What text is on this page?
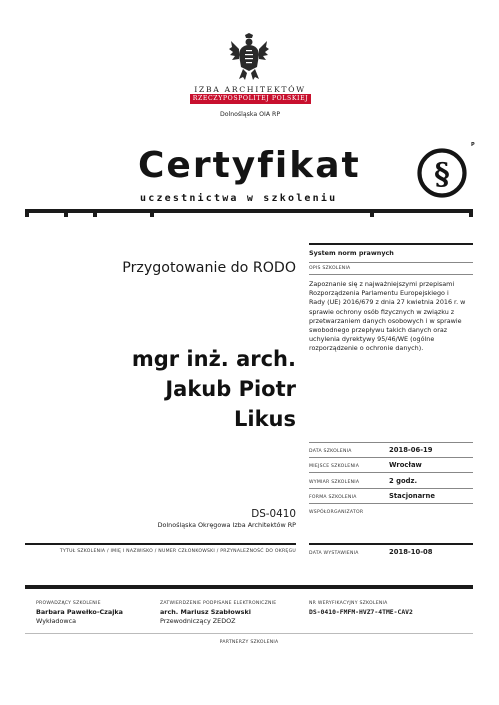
IZBA ARCHITEKTÓW
RZECZYPOSPOLITEJ POLSKIEJ
Dolnośląska OIA RP
Certyfikat
uczestnictwa w szkoleniu
§
P
Przygotowanie do RODO
mgr inż. arch.
Jakub Piotr
Likus
DS-0410
Dolnośląska Okręgowa Izba Architektów RP
TYTUŁ SZKOLENIA / IMIĘ I NAZWISKO / NUMER CZŁONKOWSKI / PRZYNALEŻNOŚĆ DO OKRĘGU
System norm prawnych
OPIS SZKOLENIA
Zapoznanie się z najważniejszymi przepisami
Rozporządzenia Parlamentu Europejskiego i
Rady (UE) 2016/679 z dnia 27 kwietnia 2016 r. w
sprawie ochrony osób fizycznych w związku z
przetwarzaniem danych osobowych i w sprawie
swobodnego przepływu takich danych oraz
uchylenia dyrektywy 95/46/WE (ogólne
rozporządzenie o ochronie danych).
DATA SZKOLENIA	2018-06-19
MIEJSCE SZKOLENIA	Wrocław
WYMIAR SZKOLENIA	2 godz.
FORMA SZKOLENIA	Stacjonarne
WSPÓŁORGANIZATOR
DATA WYSTAWIENIA	2018-10-08
PROWADZĄCY SZKOLENIE
Barbara Pawełko-Czajka
Wykładowca
ZATWIERDZENIE PODPISANE ELEKTRONICZNIE
arch. Mariusz Szabłowski
Przewodniczący ZEDOZ
NR WERYFIKACYJNY SZKOLENIA
DS-0410-FMFM-HVZ7-4TME-CAV2
PARTNERZY SZKOLENIA
